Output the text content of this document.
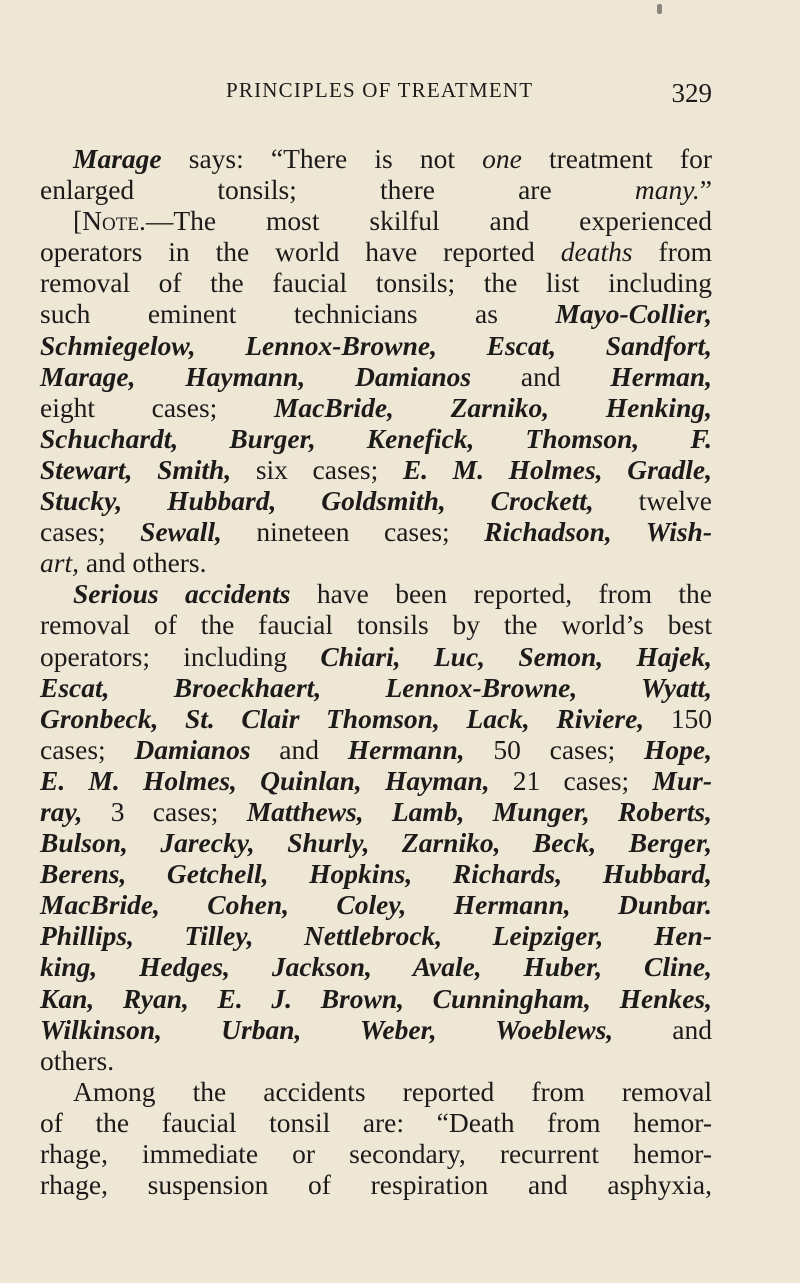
PRINCIPLES OF TREATMENT	329
Marage says: “There is not one treatment for
enlarged tonsils; there are many.”
[Note.—The most skilful and experienced
operators in the world have reported deaths from
removal of the faucial tonsils; the list including
such eminent technicians as Mayo-Collier,
Schmiegelow, Lennox-Browne, Escat, Sandfort,
Marage, Haymann, Damianos and Herman,
eight cases; MacBride, Zarniko, Henking,
Schuchardt, Burger, Kenefick, Thomson, F.
Stewart, Smith, six cases; E. M. Holmes, Gradle,
Stucky, Hubbard, Goldsmith, Crockett, twelve
cases; Sewall, nineteen cases; Richadson, Wish-
art, and others.
Serious accidents have been reported, from the
removal of the faucial tonsils by the world’s best
operators; including Chiari, Luc, Semon, Hajek,
Escat, Broeckhaert, Lennox-Browne, Wyatt,
Gronbeck, St. Clair Thomson, Lack, Riviere, 150
cases; Damianos and Hermann, 50 cases; Hope,
E. M. Holmes, Quinlan, Hayman, 21 cases; Mur-
ray, 3 cases; Matthews, Lamb, Munger, Roberts,
Bulson, Jarecky, Shurly, Zarniko, Beck, Berger,
Berens, Getchell, Hopkins, Richards, Hubbard,
MacBride, Cohen, Coley, Hermann, Dunbar.
Phillips, Tilley, Nettlebrock, Leipziger, Hen-
king, Hedges, Jackson, Avale, Huber, Cline,
Kan, Ryan, E. J. Brown, Cunningham, Henkes,
Wilkinson, Urban, Weber, Woeblews, and
others.
Among the accidents reported from removal
of the faucial tonsil are: “Death from hemor-
rhage, immediate or secondary, recurrent hemor-
rhage, suspension of respiration and asphyxia,
